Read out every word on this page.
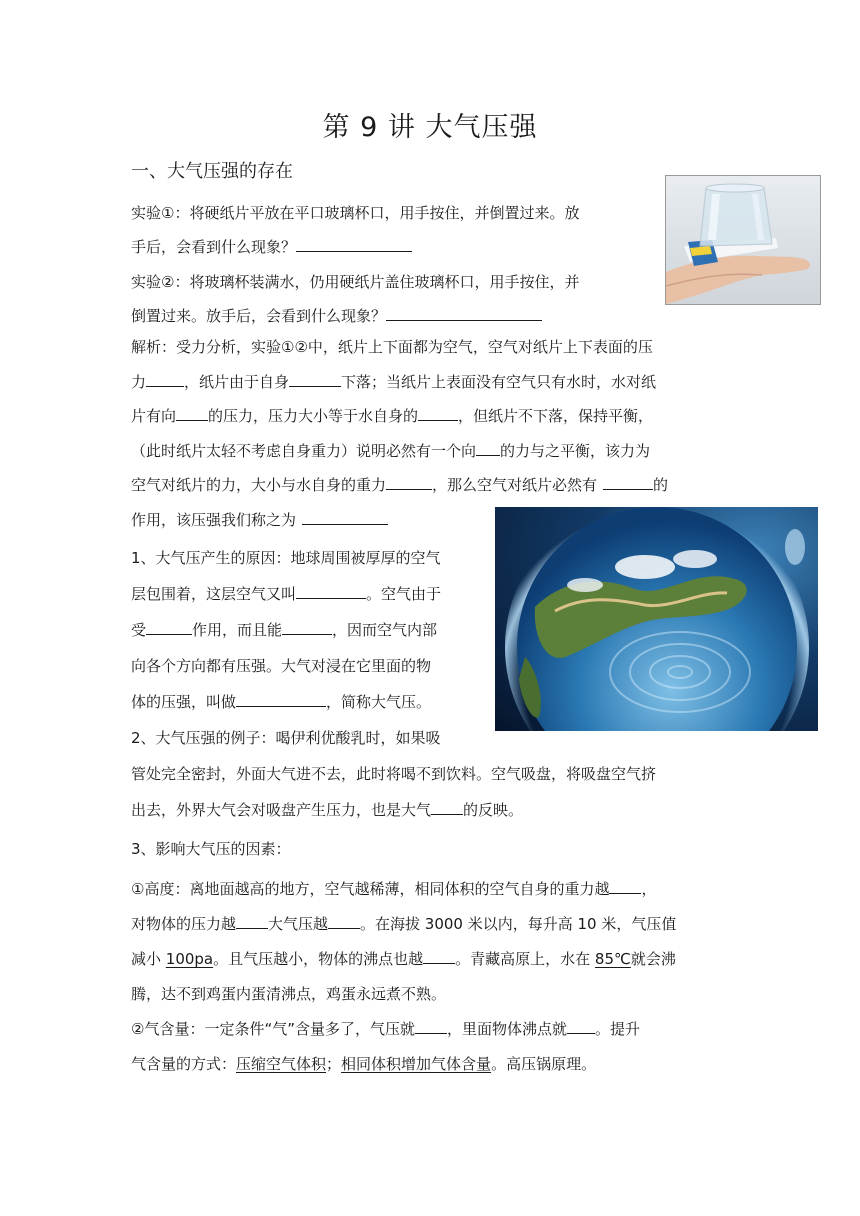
第 9 讲 大气压强
一、大气压强的存在
实验①：将硬纸片平放在平口玻璃杯口，用手按住，并倒置过来。放
手后，会看到什么现象？
实验②：将玻璃杯装满水，仍用硬纸片盖住玻璃杯口，用手按住，并
倒置过来。放手后，会看到什么现象？
解析：受力分析，实验①②中，纸片上下面都为空气，空气对纸片上下表面的压
力	，纸片由于自身	下落；当纸片上表面没有空气只有水时，水对纸
片有向 的压力，压力大小等于水自身的	，但纸片不下落，保持平衡，
（此时纸片太轻不考虑自身重力）说明必然有一个向 的力与之平衡，该力为
空气对纸片的力，大小与水自身的重力	，那么空气对纸片必然有	的
作用，该压强我们称之为
1、大气压产生的原因：地球周围被厚厚的空气
层包围着，这层空气又叫	。空气由于
受	作用，而且能	，因而空气内部
向各个方向都有压强。大气对浸在它里面的物
体的压强，叫做	，简称大气压。
2、大气压强的例子：喝伊利优酸乳时，如果吸
管处完全密封，外面大气进不去，此时将喝不到饮料。空气吸盘，将吸盘空气挤
出去，外界大气会对吸盘产生压力，也是大气 的反映。
3、影响大气压的因素：
①高度：离地面越高的地方，空气越稀薄，相同体积的空气自身的重力越 ，
对物体的压力越 大气压越 。在海拔 3000 米以内，每升高 10 米，气压值
减小 100pa。且气压越小，物体的沸点也越 。青藏高原上，水在 85℃就会沸
腾，达不到鸡蛋内蛋清沸点，鸡蛋永远煮不熟。
②气含量：一定条件“气”含量多了，气压就 ，里面物体沸点就 。提升
气含量的方式：压缩空气体积；相同体积增加气体含量。高压锅原理。
